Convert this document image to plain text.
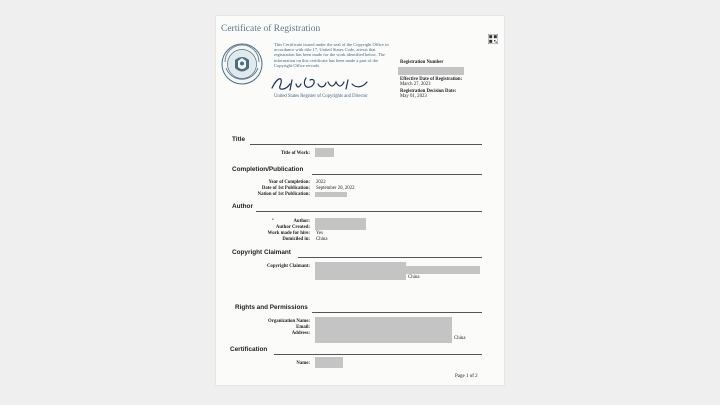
Certificate of Registration
This Certificate issued under the seal of the Copyright Office in accordance with title 17, United States Code, attests that registration has been made for the work identified below. The information on this certificate has been made a part of the Copyright Office records.
United States Register of Copyrights and Director
Registration Number
Effective Date of Registration:
March 27, 2023
Registration Decision Date:
May 01, 2023
Title
Title of Work:
Completion/Publication
Year of Completion: 2022
Date of 1st Publication: September 20, 2022
Nation of 1st Publication:
Author
•	Author:
Author Created:
Work made for hire: Yes
Domiciled in: China
Copyright Claimant
Copyright Claimant:
China
Rights and Permissions
Organization Name:
Email:
Address:
China
Certification
Name:
Page 1 of 2
